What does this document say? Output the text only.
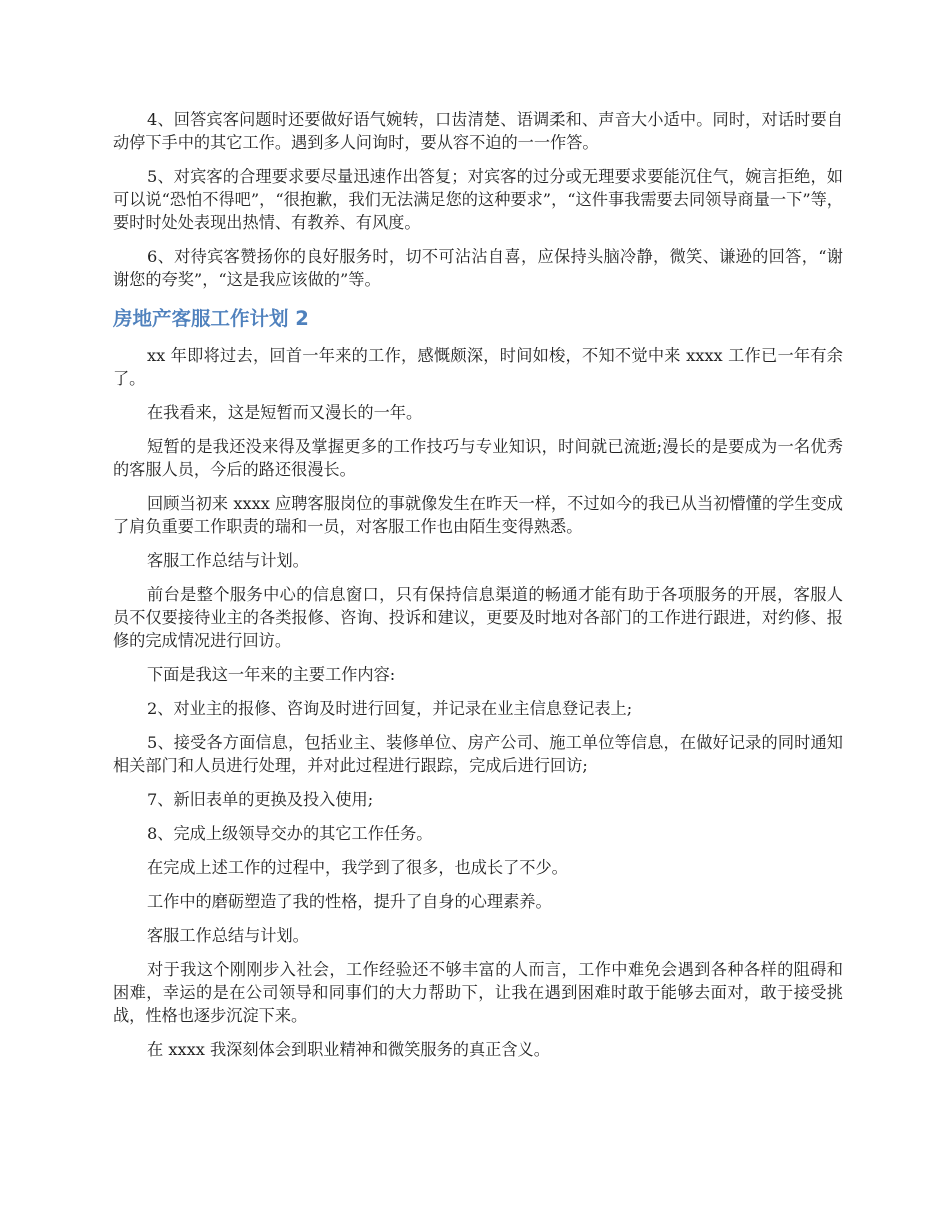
4、回答宾客问题时还要做好语气婉转，口齿清楚、语调柔和、声音大小适中。同时，对话时要自动停下手中的其它工作。遇到多人问询时，要从容不迫的一一作答。

5、对宾客的合理要求要尽量迅速作出答复；对宾客的过分或无理要求要能沉住气，婉言拒绝，如可以说“恐怕不得吧”，“很抱歉，我们无法满足您的这种要求”，“这件事我需要去同领导商量一下”等，要时时处处表现出热情、有教养、有风度。

6、对待宾客赞扬你的良好服务时，切不可沾沾自喜，应保持头脑冷静，微笑、谦逊的回答，“谢谢您的夸奖”，“这是我应该做的”等。

房地产客服工作计划 2

xx 年即将过去，回首一年来的工作，感慨颇深，时间如梭，不知不觉中来 xxxx 工作已一年有余了。

在我看来，这是短暂而又漫长的一年。

短暂的是我还没来得及掌握更多的工作技巧与专业知识，时间就已流逝;漫长的是要成为一名优秀的客服人员，今后的路还很漫长。

回顾当初来 xxxx 应聘客服岗位的事就像发生在昨天一样，不过如今的我已从当初懵懂的学生变成了肩负重要工作职责的瑞和一员，对客服工作也由陌生变得熟悉。

客服工作总结与计划。

前台是整个服务中心的信息窗口，只有保持信息渠道的畅通才能有助于各项服务的开展，客服人员不仅要接待业主的各类报修、咨询、投诉和建议，更要及时地对各部门的工作进行跟进，对约修、报修的完成情况进行回访。

下面是我这一年来的主要工作内容:

2、对业主的报修、咨询及时进行回复，并记录在业主信息登记表上;

5、接受各方面信息，包括业主、装修单位、房产公司、施工单位等信息，在做好记录的同时通知相关部门和人员进行处理，并对此过程进行跟踪，完成后进行回访;

7、新旧表单的更换及投入使用;

8、完成上级领导交办的其它工作任务。

在完成上述工作的过程中，我学到了很多，也成长了不少。

工作中的磨砺塑造了我的性格，提升了自身的心理素养。

客服工作总结与计划。

对于我这个刚刚步入社会，工作经验还不够丰富的人而言，工作中难免会遇到各种各样的阻碍和困难，幸运的是在公司领导和同事们的大力帮助下，让我在遇到困难时敢于能够去面对，敢于接受挑战，性格也逐步沉淀下来。

在 xxxx 我深刻体会到职业精神和微笑服务的真正含义。
